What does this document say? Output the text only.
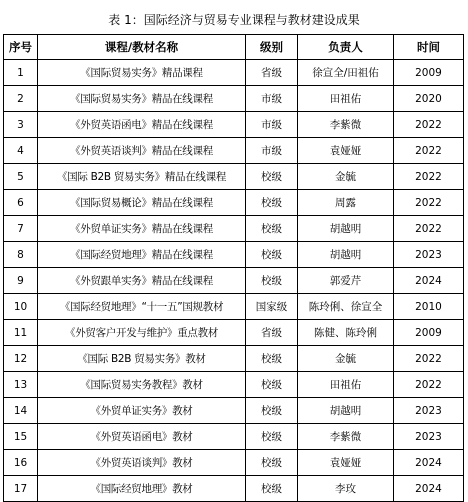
表 1：国际经济与贸易专业课程与教材建设成果
序号	课程/教材名称	级别	负责人	时间
1	《国际贸易实务》精品课程	省级	徐宣全/田祖佑	2009
2	《国际贸易实务》精品在线课程	市级	田祖佑	2020
3	《外贸英语函电》精品在线课程	市级	李紫微	2022
4	《外贸英语谈判》精品在线课程	市级	袁娅娅	2022
5	《国际 B2B 贸易实务》精品在线课程	校级	金毓	2022
6	《国际贸易概论》精品在线课程	校级	周露	2022
7	《外贸单证实务》精品在线课程	校级	胡越明	2022
8	《国际经贸地理》精品在线课程	校级	胡越明	2023
9	《外贸跟单实务》精品在线课程	校级	郭爱芹	2024
10	《国际经贸地理》“十一五”国规教材	国家级	陈玲俐、徐宣全	2010
11	《外贸客户开发与维护》重点教材	省级	陈健、陈玲俐	2009
12	《国际 B2B 贸易实务》教材	校级	金毓	2022
13	《国际贸易实务教程》教材	校级	田祖佑	2022
14	《外贸单证实务》教材	校级	胡越明	2023
15	《外贸英语函电》教材	校级	李紫微	2023
16	《外贸英语谈判》教材	校级	袁娅娅	2024
17	《国际经贸地理》教材	校级	李玫	2024
